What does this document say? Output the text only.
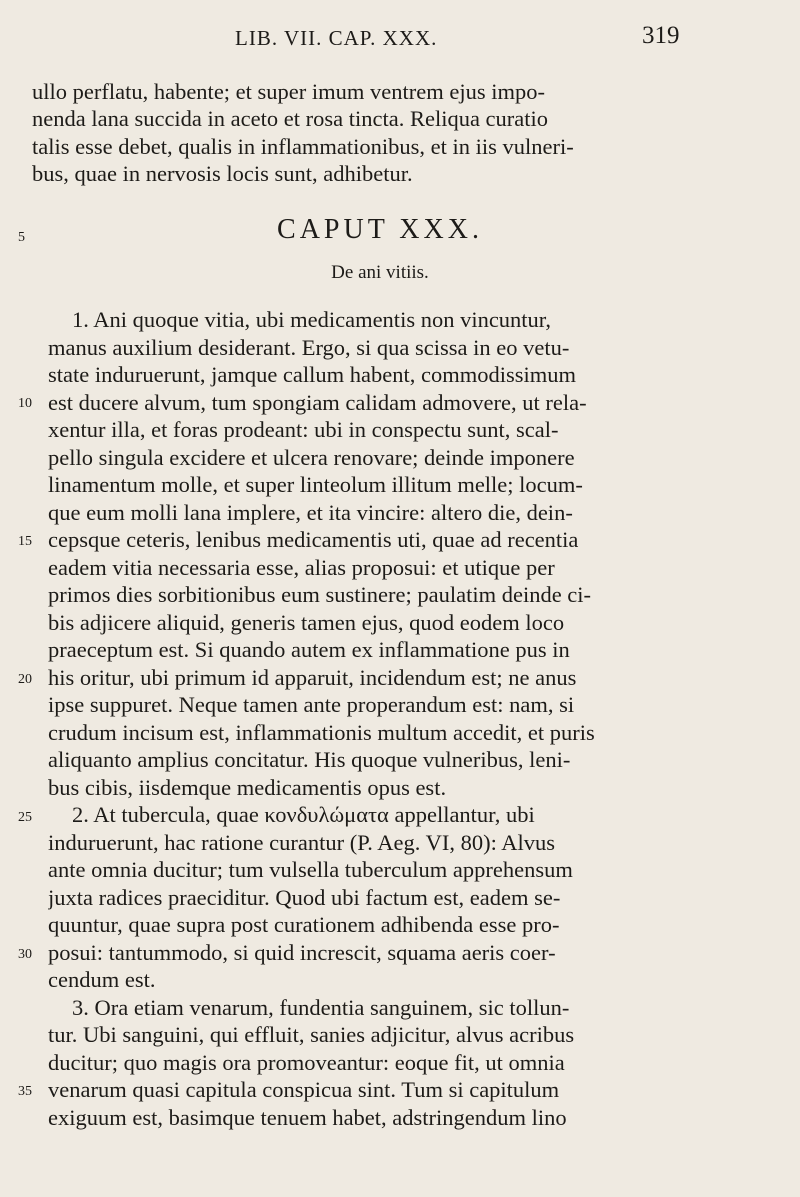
LIB. VII. CAP. XXX.	319
ullo perflatu, habente; et super imum ventrem ejus impo-
nenda lana succida in aceto et rosa tincta. Reliqua curatio
talis esse debet, qualis in inflammationibus, et in iis vulneri-
bus, quae in nervosis locis sunt, adhibetur.
5
10
15
20
25
30
35
CAPUT XXX.
De ani vitiis.
1. Ani quoque vitia, ubi medicamentis non vincuntur,
manus auxilium desiderant. Ergo, si qua scissa in eo vetu-
state induruerunt, jamque callum habent, commodissimum
est ducere alvum, tum spongiam calidam admovere, ut rela-
xentur illa, et foras prodeant: ubi in conspectu sunt, scal-
pello singula excidere et ulcera renovare; deinde imponere
linamentum molle, et super linteolum illitum melle; locum-
que eum molli lana implere, et ita vincire: altero die, dein-
cepsque ceteris, lenibus medicamentis uti, quae ad recentia
eadem vitia necessaria esse, alias proposui: et utique per
primos dies sorbitionibus eum sustinere; paulatim deinde ci-
bis adjicere aliquid, generis tamen ejus, quod eodem loco
praeceptum est. Si quando autem ex inflammatione pus in
his oritur, ubi primum id apparuit, incidendum est; ne anus
ipse suppuret. Neque tamen ante properandum est: nam, si
crudum incisum est, inflammationis multum accedit, et puris
aliquanto amplius concitatur. His quoque vulneribus, leni-
bus cibis, iisdemque medicamentis opus est.
2. At tubercula, quae κονδυλώματα appellantur, ubi
induruerunt, hac ratione curantur (P. Aeg. VI, 80): Alvus
ante omnia ducitur; tum vulsella tuberculum apprehensum
juxta radices praeciditur. Quod ubi factum est, eadem se-
quuntur, quae supra post curationem adhibenda esse pro-
posui: tantummodo, si quid increscit, squama aeris coer-
cendum est.
3. Ora etiam venarum, fundentia sanguinem, sic tollun-
tur. Ubi sanguini, qui effluit, sanies adjicitur, alvus acribus
ducitur; quo magis ora promoveantur: eoque fit, ut omnia
venarum quasi capitula conspicua sint. Tum si capitulum
exiguum est, basimque tenuem habet, adstringendum lino
